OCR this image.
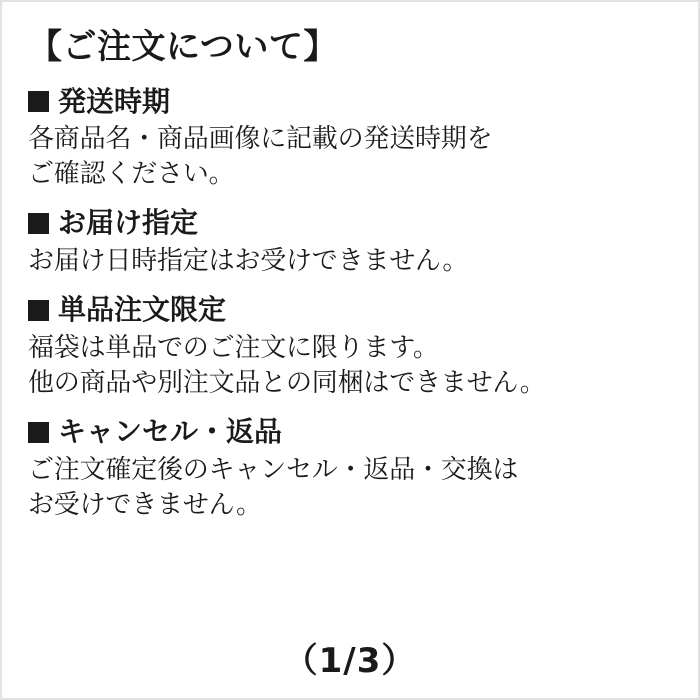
【ご注文について】
発送時期
各商品名・商品画像に記載の発送時期を
ご確認ください。
お届け指定
お届け日時指定はお受けできません。
単品注文限定
福袋は単品でのご注文に限ります。
他の商品や別注文品との同梱はできません。
キャンセル・返品
ご注文確定後のキャンセル・返品・交換は
お受けできません。
（1/3）
